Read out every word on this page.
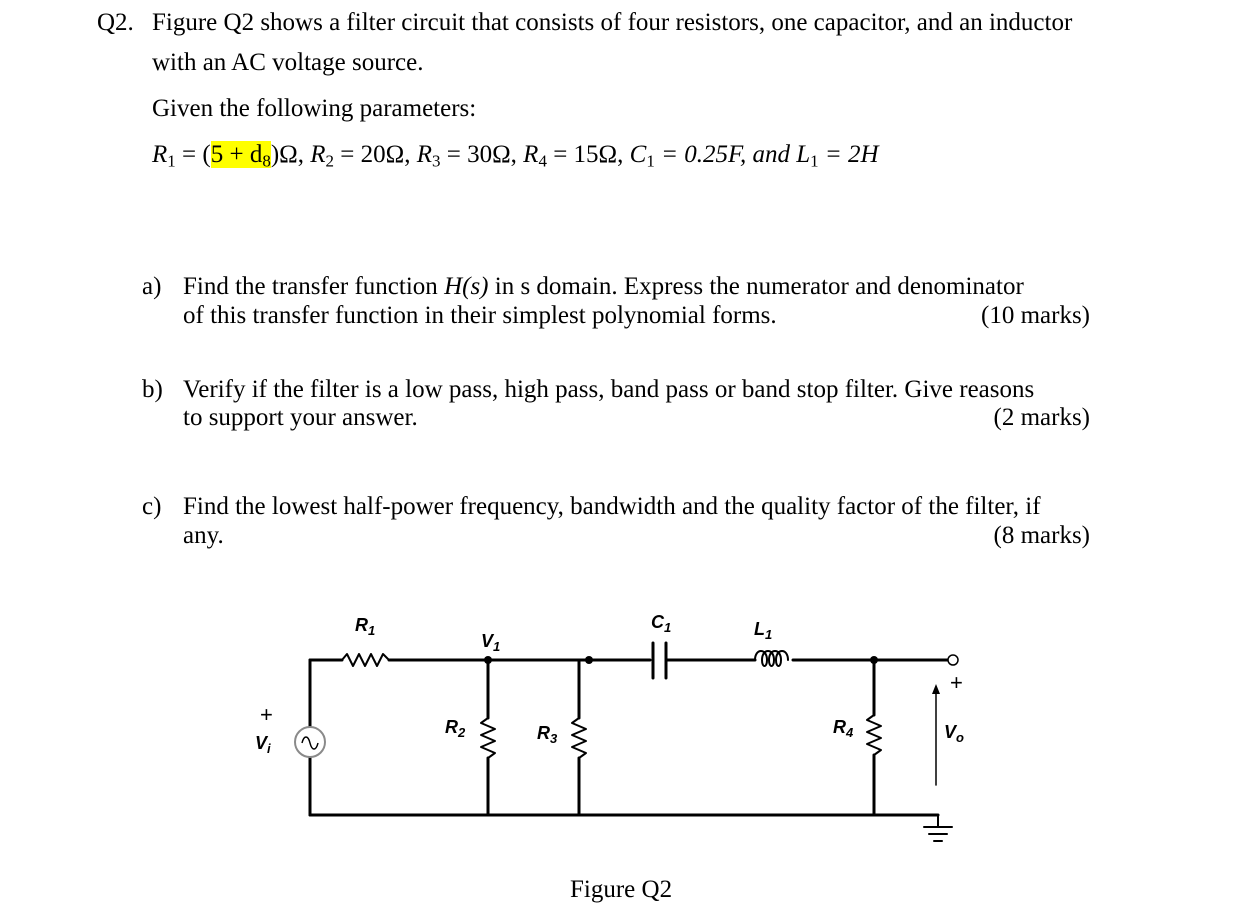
Q2. Figure Q2 shows a filter circuit that consists of four resistors, one capacitor, and an inductor
with an AC voltage source.
Given the following parameters:
$R_1 = (5 + d_8)\Omega$, $R_2 = 20\Omega$, $R_3 = 30\Omega$, $R_4 = 15\Omega$, $C_1 = 0.25F$, and $L_1 = 2H$
a) Find the transfer function H(s) in s domain. Express the numerator and denominator
of this transfer function in their simplest polynomial forms.	(10 marks)
b) Verify if the filter is a low pass, high pass, band pass or band stop filter. Give reasons
to support your answer.	(2 marks)
c) Find the lowest half-power frequency, bandwidth and the quality factor of the filter, if
any.	(8 marks)
$R_1$
$V_1$
$C_1$	$L_1$
$R_2$	$R_3$
$R_4$
$V_i$
$V_o$
+
+
Figure Q2
